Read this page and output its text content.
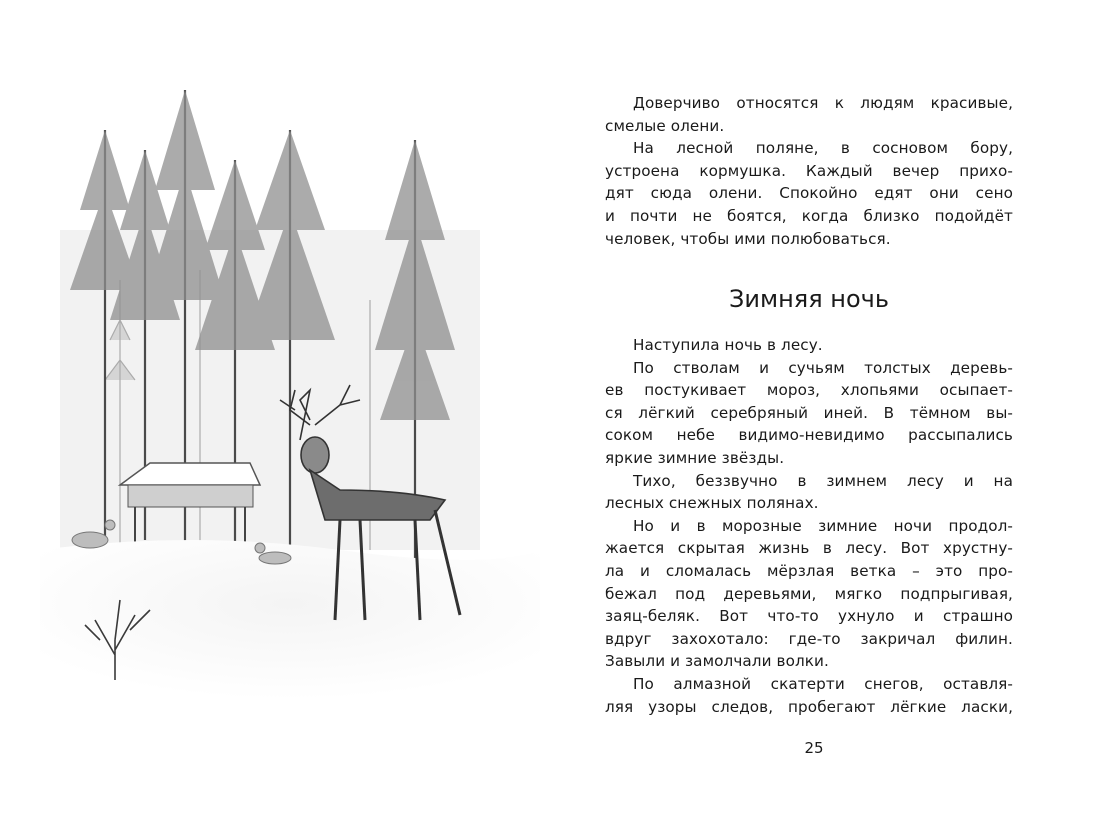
Доверчиво относятся к людям красивые,
смелые олени.
На лесной поляне, в сосновом бору,
устроена кормушка. Каждый вечер прихо-
дят сюда олени. Спокойно едят они сено
и почти не боятся, когда близко подойдёт
человек, чтобы ими полюбоваться.

Зимняя ночь

Наступила ночь в лесу.
По стволам и сучьям толстых деревь-
ев постукивает мороз, хлопьями осыпает-
ся лёгкий серебряный иней. В тёмном вы-
соком небе видимо-невидимо рассыпались
яркие зимние звёзды.
Тихо, беззвучно в зимнем лесу и на
лесных снежных полянах.
Но и в морозные зимние ночи продол-
жается скрытая жизнь в лесу. Вот хрустну-
ла и сломалась мёрзлая ветка – это про-
бежал под деревьями, мягко подпрыгивая,
заяц-беляк. Вот что-то ухнуло и страшно
вдруг захохотало: где-то закричал филин.
Завыли и замолчали волки.
По алмазной скатерти снегов, оставля-
ляя узоры следов, пробегают лёгкие ласки,

25
